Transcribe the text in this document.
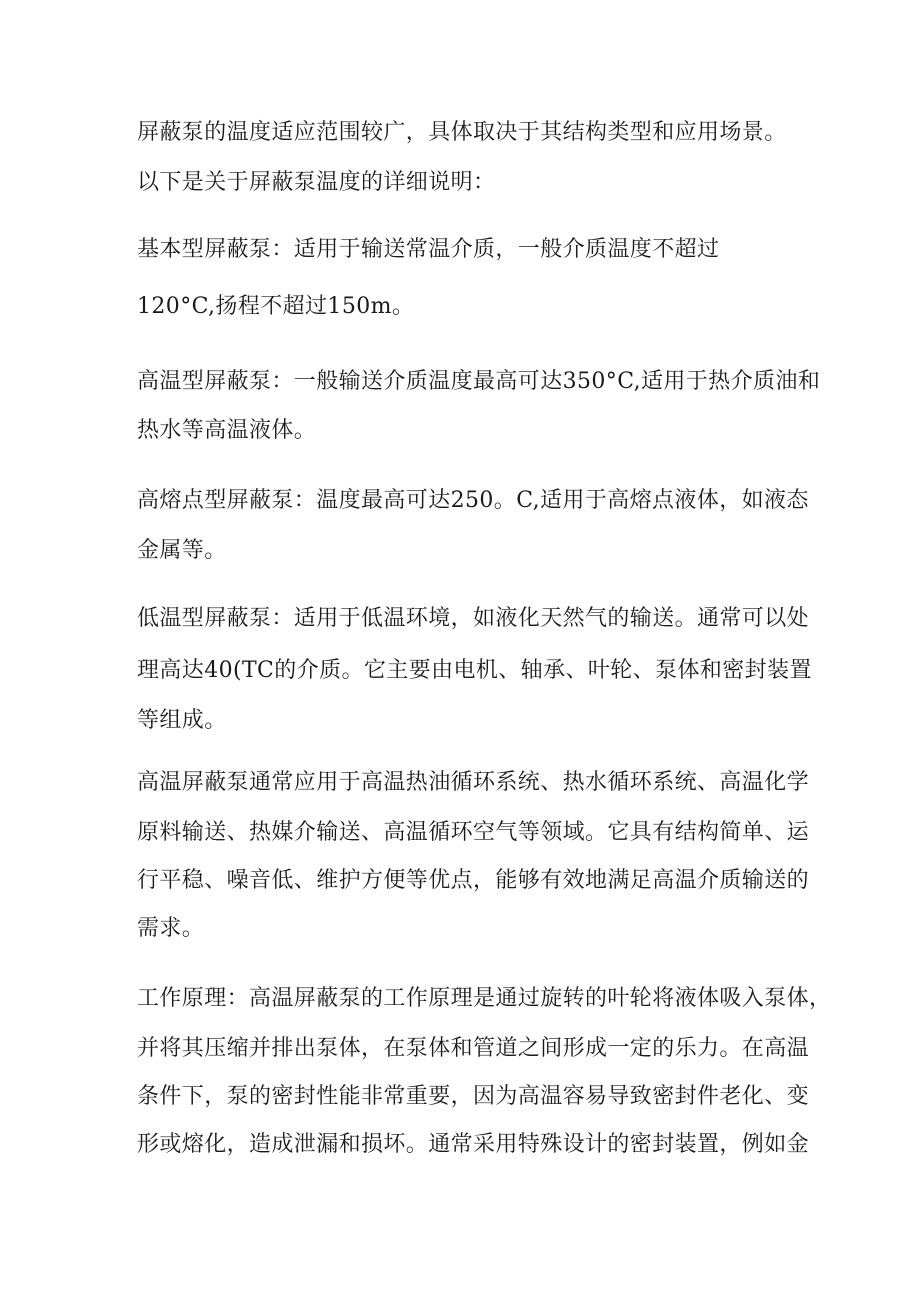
屏蔽泵的温度适应范围较广，具体取决于其结构类型和应用场景。
以下是关于屏蔽泵温度的详细说明：
基本型屏蔽泵：适用于输送常温介质，一般介质温度不超过
120°C,扬程不超过150m。
高温型屏蔽泵：一般输送介质温度最高可达350°C,适用于热介质油和
热水等高温液体。
高熔点型屏蔽泵：温度最高可达250。C,适用于高熔点液体，如液态
金属等。
低温型屏蔽泵：适用于低温环境，如液化天然气的输送。通常可以处
理高达40(TC的介质。它主要由电机、轴承、叶轮、泵体和密封装置
等组成。
高温屏蔽泵通常应用于高温热油循环系统、热水循环系统、高温化学
原料输送、热媒介输送、高温循环空气等领域。它具有结构简单、运
行平稳、噪音低、维护方便等优点，能够有效地满足高温介质输送的
需求。
工作原理：高温屏蔽泵的工作原理是通过旋转的叶轮将液体吸入泵体，
并将其压缩并排出泵体，在泵体和管道之间形成一定的乐力。在高温
条件下，泵的密封性能非常重要，因为高温容易导致密封件老化、变
形或熔化，造成泄漏和损坏。通常采用特殊设计的密封装置，例如金
